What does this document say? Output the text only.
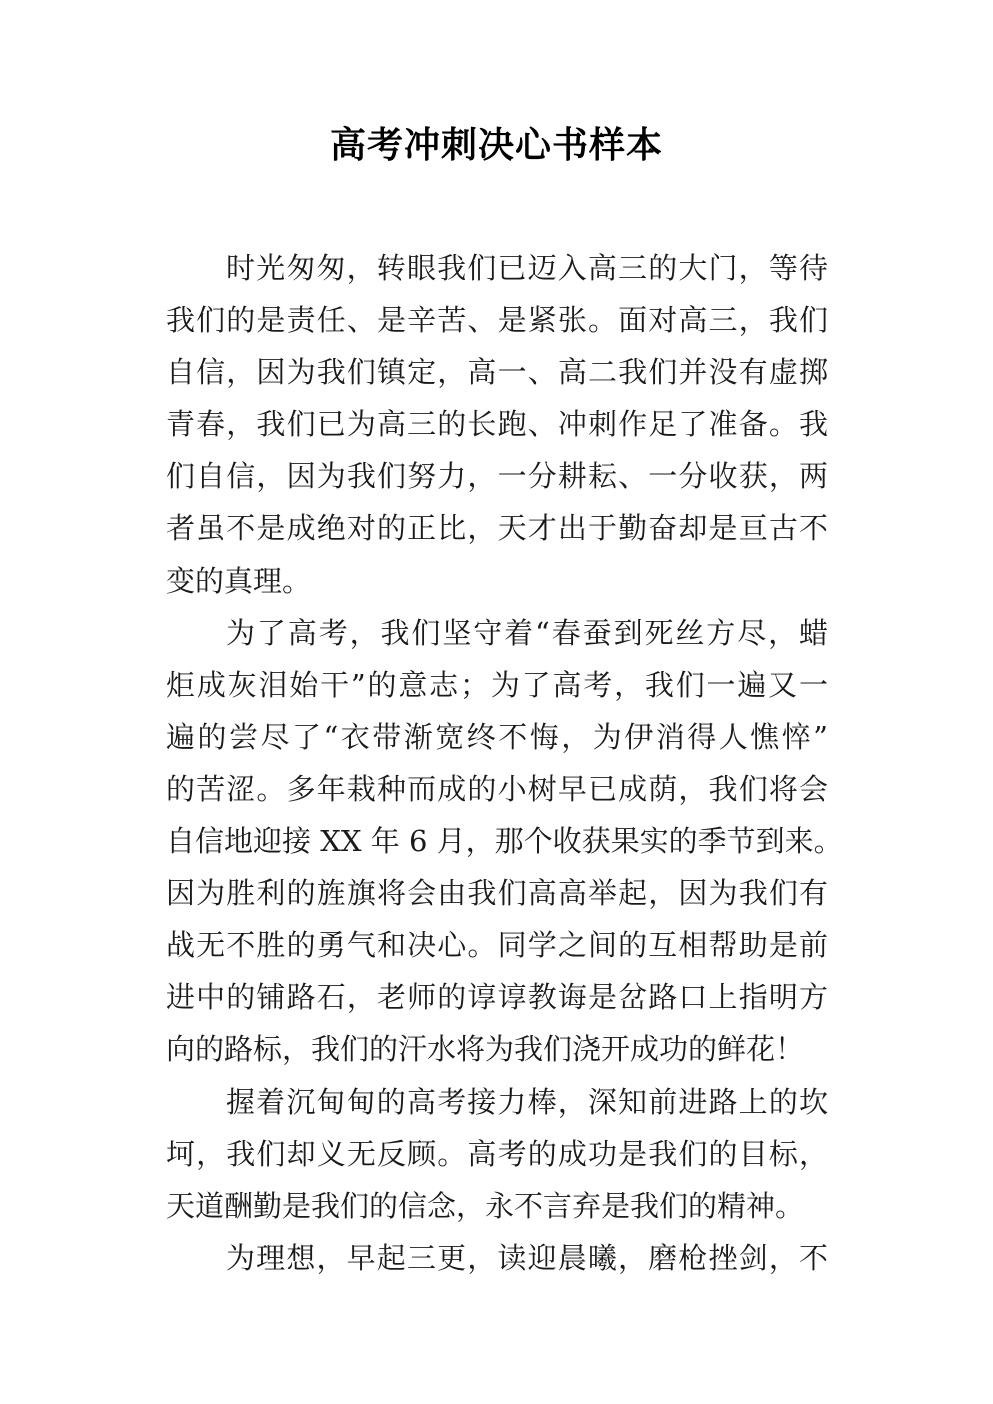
高考冲刺决心书样本
时光匆匆，转眼我们已迈入高三的大门，等待
我们的是责任、是辛苦、是紧张。面对高三，我们
自信，因为我们镇定，高一、高二我们并没有虚掷
青春，我们已为高三的长跑、冲刺作足了准备。我
们自信，因为我们努力，一分耕耘、一分收获，两
者虽不是成绝对的正比，天才出于勤奋却是亘古不
变的真理。
为了高考，我们坚守着“春蚕到死丝方尽，蜡
炬成灰泪始干”的意志；为了高考，我们一遍又一
遍的尝尽了“衣带渐宽终不悔，为伊消得人憔悴”
的苦涩。多年栽种而成的小树早已成荫，我们将会
自信地迎接 XX 年 6 月，那个收获果实的季节到来。
因为胜利的旌旗将会由我们高高举起，因为我们有
战无不胜的勇气和决心。同学之间的互相帮助是前
进中的铺路石，老师的谆谆教诲是岔路口上指明方
向的路标，我们的汗水将为我们浇开成功的鲜花！
握着沉甸甸的高考接力棒，深知前进路上的坎
坷，我们却义无反顾。高考的成功是我们的目标，
天道酬勤是我们的信念，永不言弃是我们的精神。
为理想，早起三更，读迎晨曦，磨枪挫剑，不
